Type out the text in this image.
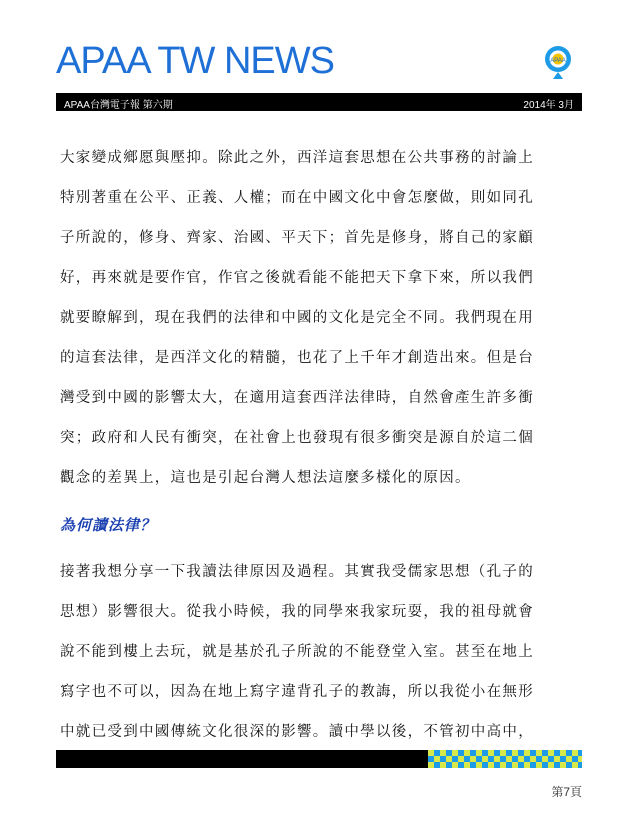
APAA TW NEWS	APAA
APAA台灣電子報 第六期	2014年 3月

大家變成鄉愿與壓抑。除此之外，西洋這套思想在公共事務的討論上

特別著重在公平、正義、人權；而在中國文化中會怎麼做，則如同孔

子所說的，修身、齊家、治國、平天下；首先是修身，將自己的家顧

好，再來就是要作官，作官之後就看能不能把天下拿下來，所以我們

就要瞭解到，現在我們的法律和中國的文化是完全不同。我們現在用

的這套法律，是西洋文化的精髓，也花了上千年才創造出來。但是台

灣受到中國的影響太大，在適用這套西洋法律時，自然會產生許多衝

突；政府和人民有衝突，在社會上也發現有很多衝突是源自於這二個

觀念的差異上，這也是引起台灣人想法這麼多樣化的原因。

為何讀法律？

接著我想分享一下我讀法律原因及過程。其實我受儒家思想（孔子的

思想）影響很大。從我小時候，我的同學來我家玩耍，我的祖母就會

說不能到樓上去玩，就是基於孔子所說的不能登堂入室。甚至在地上

寫字也不可以，因為在地上寫字違背孔子的教誨，所以我從小在無形

中就已受到中國傳統文化很深的影響。讀中學以後，不管初中高中，

第7頁
